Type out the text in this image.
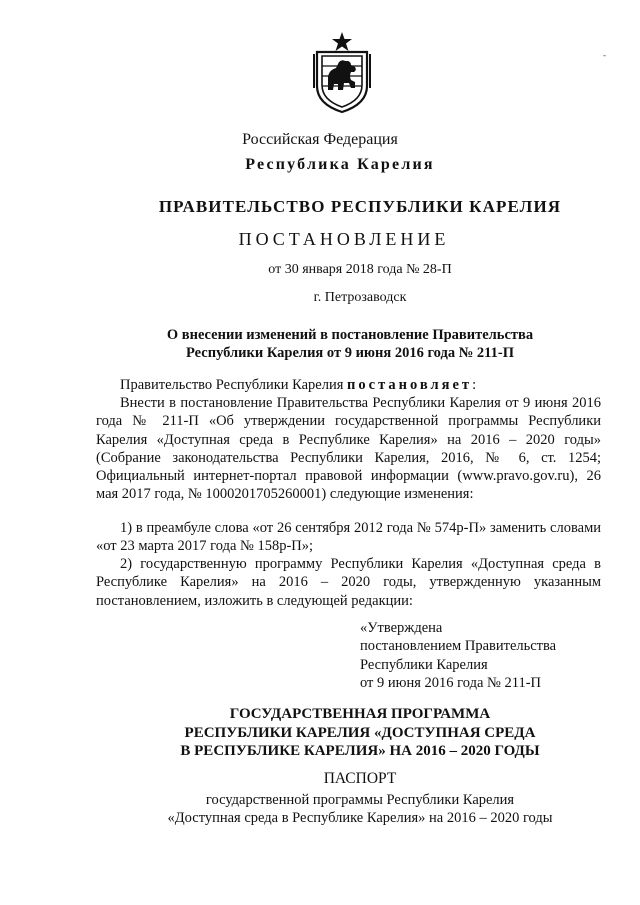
-
Российская Федерация
Республика Карелия
ПРАВИТЕЛЬСТВО РЕСПУБЛИКИ КАРЕЛИЯ
ПОСТАНОВЛЕНИЕ
от 30 января 2018 года № 28-П
г. Петрозаводск

О внесении изменений в постановление Правительства

Республики Карелия от 9 июня 2016 года № 211-П

Правительство Республики Карелия постановляет:
Внести в постановление Правительства Республики Карелия от 9 июня 2016 года № 211-П «Об утверждении государственной программы Республики Карелия «Доступная среда в Республике Карелия» на 2016 – 2020 годы» (Собрание законодательства Республики Карелия, 2016, № 6, ст. 1254; Официальный интернет-портал правовой информации (www.pravo.gov.ru), 26 мая 2017 года, № 1000201705260001) следующие изменения:
1) в преамбуле слова «от 26 сентября 2012 года № 574р-П» заменить словами «от 23 марта 2017 года № 158р-П»;
2) государственную программу Республики Карелия «Доступная среда в Республике Карелия» на 2016 – 2020 годы, утвержденную указанным постановлением, изложить в следующей редакции:

«Утверждена

постановлением Правительства

Республики Карелия

от 9 июня 2016 года № 211-П

ГОСУДАРСТВЕННАЯ ПРОГРАММА

РЕСПУБЛИКИ КАРЕЛИЯ «ДОСТУПНАЯ СРЕДА

В РЕСПУБЛИКЕ КАРЕЛИЯ» НА 2016 – 2020 ГОДЫ

ПАСПОРТ

государственной программы Республики Карелия

«Доступная среда в Республике Карелия» на 2016 – 2020 годы
